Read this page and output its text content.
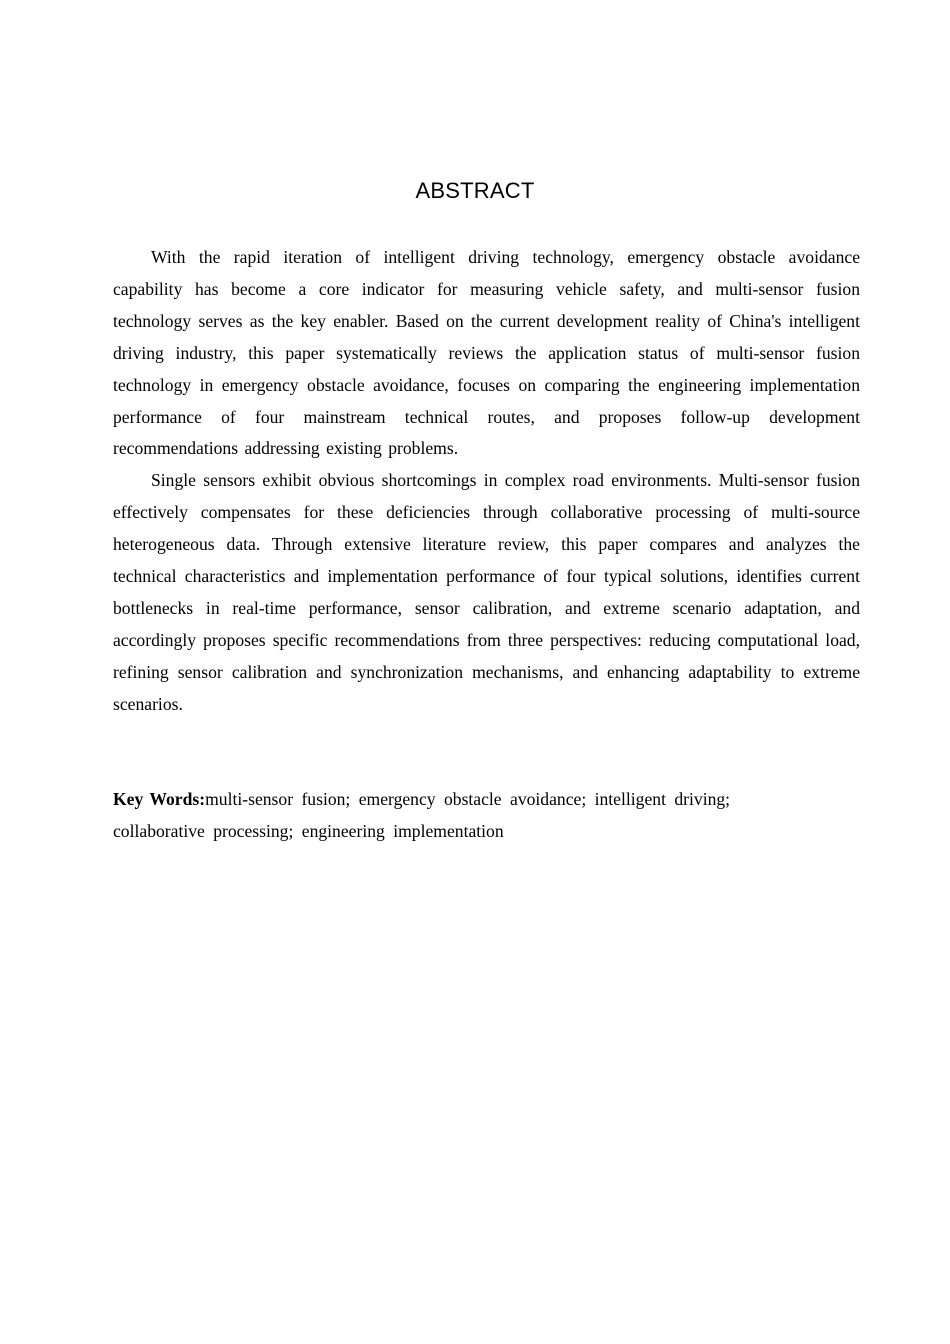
ABSTRACT

With the rapid iteration of intelligent driving technology, emergency obstacle avoidance capability has become a core indicator for measuring vehicle safety, and multi-sensor fusion technology serves as the key enabler. Based on the current development reality of China's intelligent driving industry, this paper systematically reviews the application status of multi-sensor fusion technology in emergency obstacle avoidance, focuses on comparing the engineering implementation performance of four mainstream technical routes, and proposes follow-up development recommendations addressing existing problems.

Single sensors exhibit obvious shortcomings in complex road environments. Multi-sensor fusion effectively compensates for these deficiencies through collaborative processing of multi-source heterogeneous data. Through extensive literature review, this paper compares and analyzes the technical characteristics and implementation performance of four typical solutions, identifies current bottlenecks in real-time performance, sensor calibration, and extreme scenario adaptation, and accordingly proposes specific recommendations from three perspectives: reducing computational load, refining sensor calibration and synchronization mechanisms, and enhancing adaptability to extreme scenarios.

Key Words:multi-sensor fusion; emergency obstacle avoidance; intelligent driving; collaborative processing; engineering implementation
